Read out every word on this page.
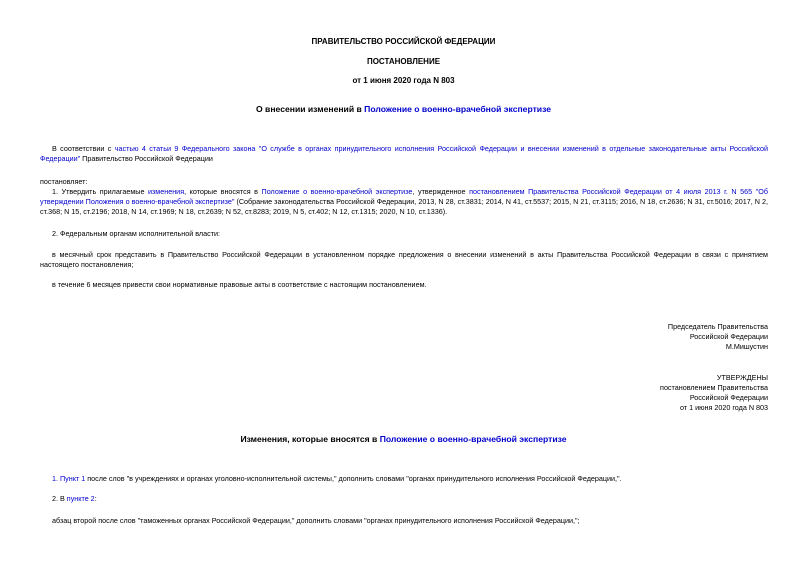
ПРАВИТЕЛЬСТВО РОССИЙСКОЙ ФЕДЕРАЦИИ
ПОСТАНОВЛЕНИЕ
от 1 июня 2020 года N 803
О внесении изменений в Положение о военно-врачебной экспертизе
В соответствии с частью 4 статьи 9 Федерального закона "О службе в органах принудительного исполнения Российской Федерации и внесении изменений в отдельные законодательные акты Российской Федерации" Правительство Российской Федерации
постановляет:
1. Утвердить прилагаемые изменения, которые вносятся в Положение о военно-врачебной экспертизе, утвержденное постановлением Правительства Российской Федерации от 4 июля 2013 г. N 565 "Об утверждении Положения о военно-врачебной экспертизе" (Собрание законодательства Российской Федерации, 2013, N 28, ст.3831; 2014, N 41, ст.5537; 2015, N 21, ст.3115; 2016, N 18, ст.2636; N 31, ст.5016; 2017, N 2, ст.368; N 15, ст.2196; 2018, N 14, ст.1969; N 18, ст.2639; N 52, ст.8283; 2019, N 5, ст.402; N 12, ст.1315; 2020, N 10, ст.1336).
2. Федеральным органам исполнительной власти:
в месячный срок представить в Правительство Российской Федерации в установленном порядке предложения о внесении изменений в акты Правительства Российской Федерации в связи с принятием настоящего постановления;
в течение 6 месяцев привести свои нормативные правовые акты в соответствие с настоящим постановлением.
Председатель Правительства
Российской Федерации
М.Мишустин
УТВЕРЖДЕНЫ
постановлением Правительства
Российской Федерации
от 1 июня 2020 года N 803
Изменения, которые вносятся в Положение о военно-врачебной экспертизе
1. Пункт 1 после слов "в учреждениях и органах уголовно-исполнительной системы," дополнить словами "органах принудительного исполнения Российской Федерации,".
2. В пункте 2:
абзац второй после слов "таможенных органах Российской Федерации," дополнить словами "органах принудительного исполнения Российской Федерации,";
